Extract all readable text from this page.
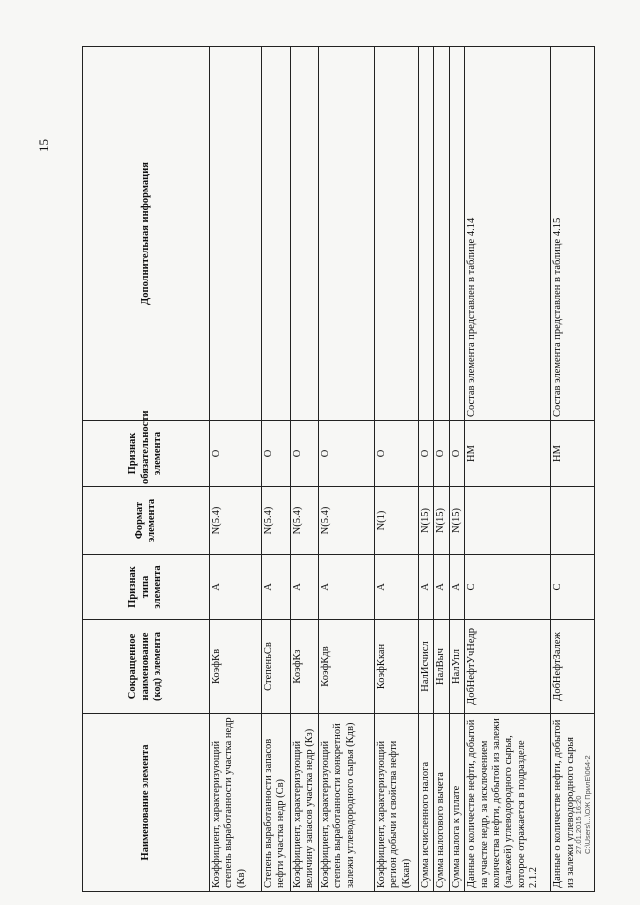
15
Наименование элемента	Сокращенное наименование (код) элемента	Признак типа элемента	Формат элемента	Признак обязательности элемента	Дополнительная информация
Коэффициент, характеризующий степень выработанности участка недр (Кв)	КоэфКв	А	N(5.4)	О	
Степень выработанности запасов нефти участка недр (Св)	СтепеньСв	А	N(5.4)	О	
Коэффициент, характеризующий величину запасов участка недр (Кз)	КоэфКз	А	N(5.4)	О	
Коэффициент, характеризующий степень выработанности конкретной залежи углеводородного сырья (Кдв)	КоэфКдв	А	N(5.4)	О	
Коэффициент, характеризующий регион добычи и свойства нефти (Ккан)	КоэфКкан	А	N(1)	О	
Сумма исчисленного налога	НалИсчисл	А	N(15)	О	
Сумма налогового вычета	НалВыч	А	N(15)	О	
Сумма налога к уплате	НалУпл	А	N(15)	О	
Данные о количестве нефти, добытой на участке недр, за исключением количества нефти, добытой из залежи (залежей) углеводородного сырья, которое отражается в подразделе 2.1.2	ДобНефтУчНедр	С		НМ	Состав элемента представлен в таблице 4.14
Данные о количестве нефти, добытой из залежи углеводородного сырья	ДобНефтЗалеж	С		НМ	Состав элемента представлен в таблице 4.15
27.01.2015 16:20 С:\Users\...\ОЖ ПрилЕ\064-2
